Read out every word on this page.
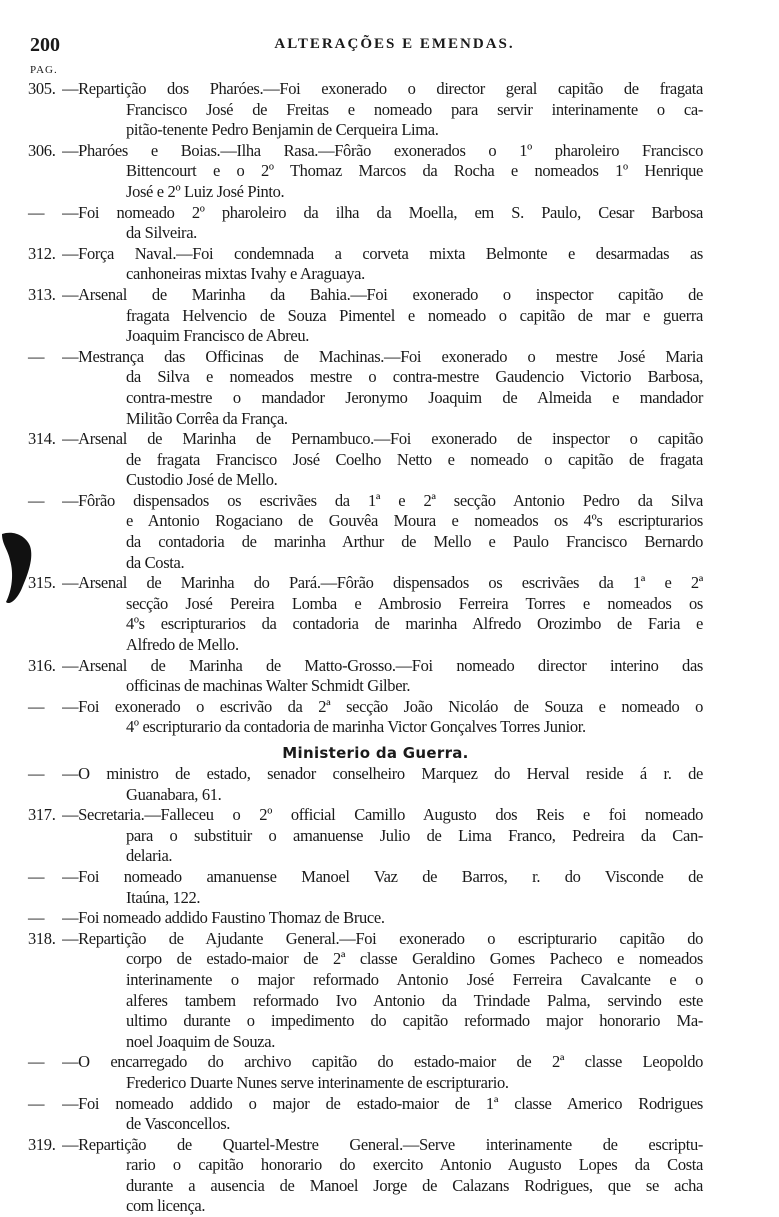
200	ALTERAÇÕES E EMENDAS.
PAG.
305. —Repartição dos Pharóes.—Foi exonerado o director geral capitão de fragata
Francisco José de Freitas e nomeado para servir interinamente o ca-
pitão-tenente Pedro Benjamin de Cerqueira Lima.
306. —Pharóes e Boias.—Ilha Rasa.—Fôrão exonerados o 1º pharoleiro Francisco
Bittencourt e o 2º Thomaz Marcos da Rocha e nomeados 1º Henrique
José e 2º Luiz José Pinto.
—	—Foi nomeado 2º pharoleiro da ilha da Moella, em S. Paulo, Cesar Barbosa
da Silveira.
312. —Força Naval.—Foi condemnada a corveta mixta Belmonte e desarmadas as
canhoneiras mixtas Ivahy e Araguaya.
313. —Arsenal de Marinha da Bahia.—Foi exonerado o inspector capitão de
fragata Helvencio de Souza Pimentel e nomeado o capitão de mar e guerra
Joaquim Francisco de Abreu.
—	—Mestrança das Officinas de Machinas.—Foi exonerado o mestre José Maria
da Silva e nomeados mestre o contra-mestre Gaudencio Victorio Barbosa,
contra-mestre o mandador Jeronymo Joaquim de Almeida e mandador
Militão Corrêa da França.
314. —Arsenal de Marinha de Pernambuco.—Foi exonerado de inspector o capitão
de fragata Francisco José Coelho Netto e nomeado o capitão de fragata
Custodio José de Mello.
—	—Fôrão dispensados os escrivães da 1ª e 2ª secção Antonio Pedro da Silva
e Antonio Rogaciano de Gouvêa Moura e nomeados os 4ºs escripturarios
da contadoria de marinha Arthur de Mello e Paulo Francisco Bernardo
da Costa.
315. —Arsenal de Marinha do Pará.—Fôrão dispensados os escrivães da 1ª e 2ª
secção José Pereira Lomba e Ambrosio Ferreira Torres e nomeados os
4ºs escripturarios da contadoria de marinha Alfredo Orozimbo de Faria e
Alfredo de Mello.
316. —Arsenal de Marinha de Matto-Grosso.—Foi nomeado director interino das
officinas de machinas Walter Schmidt Gilber.
—	—Foi exonerado o escrivão da 2ª secção João Nicoláo de Souza e nomeado o
4º escripturario da contadoria de marinha Victor Gonçalves Torres Junior.
Ministerio da Guerra.
—	—O ministro de estado, senador conselheiro Marquez do Herval reside á r. de
Guanabara, 61.
317. —Secretaria.—Falleceu o 2º official Camillo Augusto dos Reis e foi nomeado
para o substituir o amanuense Julio de Lima Franco, Pedreira da Can-
delaria.
—	—Foi nomeado amanuense Manoel Vaz de Barros, r. do Visconde de
Itaúna, 122.
—	—Foi nomeado addido Faustino Thomaz de Bruce.
318. —Repartição de Ajudante General.—Foi exonerado o escripturario capitão do
corpo de estado-maior de 2ª classe Geraldino Gomes Pacheco e nomeados
interinamente o major reformado Antonio José Ferreira Cavalcante e o
alferes tambem reformado Ivo Antonio da Trindade Palma, servindo este
ultimo durante o impedimento do capitão reformado major honorario Ma-
noel Joaquim de Souza.
—	—O encarregado do archivo capitão do estado-maior de 2ª classe Leopoldo
Frederico Duarte Nunes serve interinamente de escripturario.
—	—Foi nomeado addido o major de estado-maior de 1ª classe Americo Rodrigues
de Vasconcellos.
319. —Repartição de Quartel-Mestre General.—Serve interinamente de escriptu-
rario o capitão honorario do exercito Antonio Augusto Lopes da Costa
durante a ausencia de Manoel Jorge de Calazans Rodrigues, que se acha
com licença.
